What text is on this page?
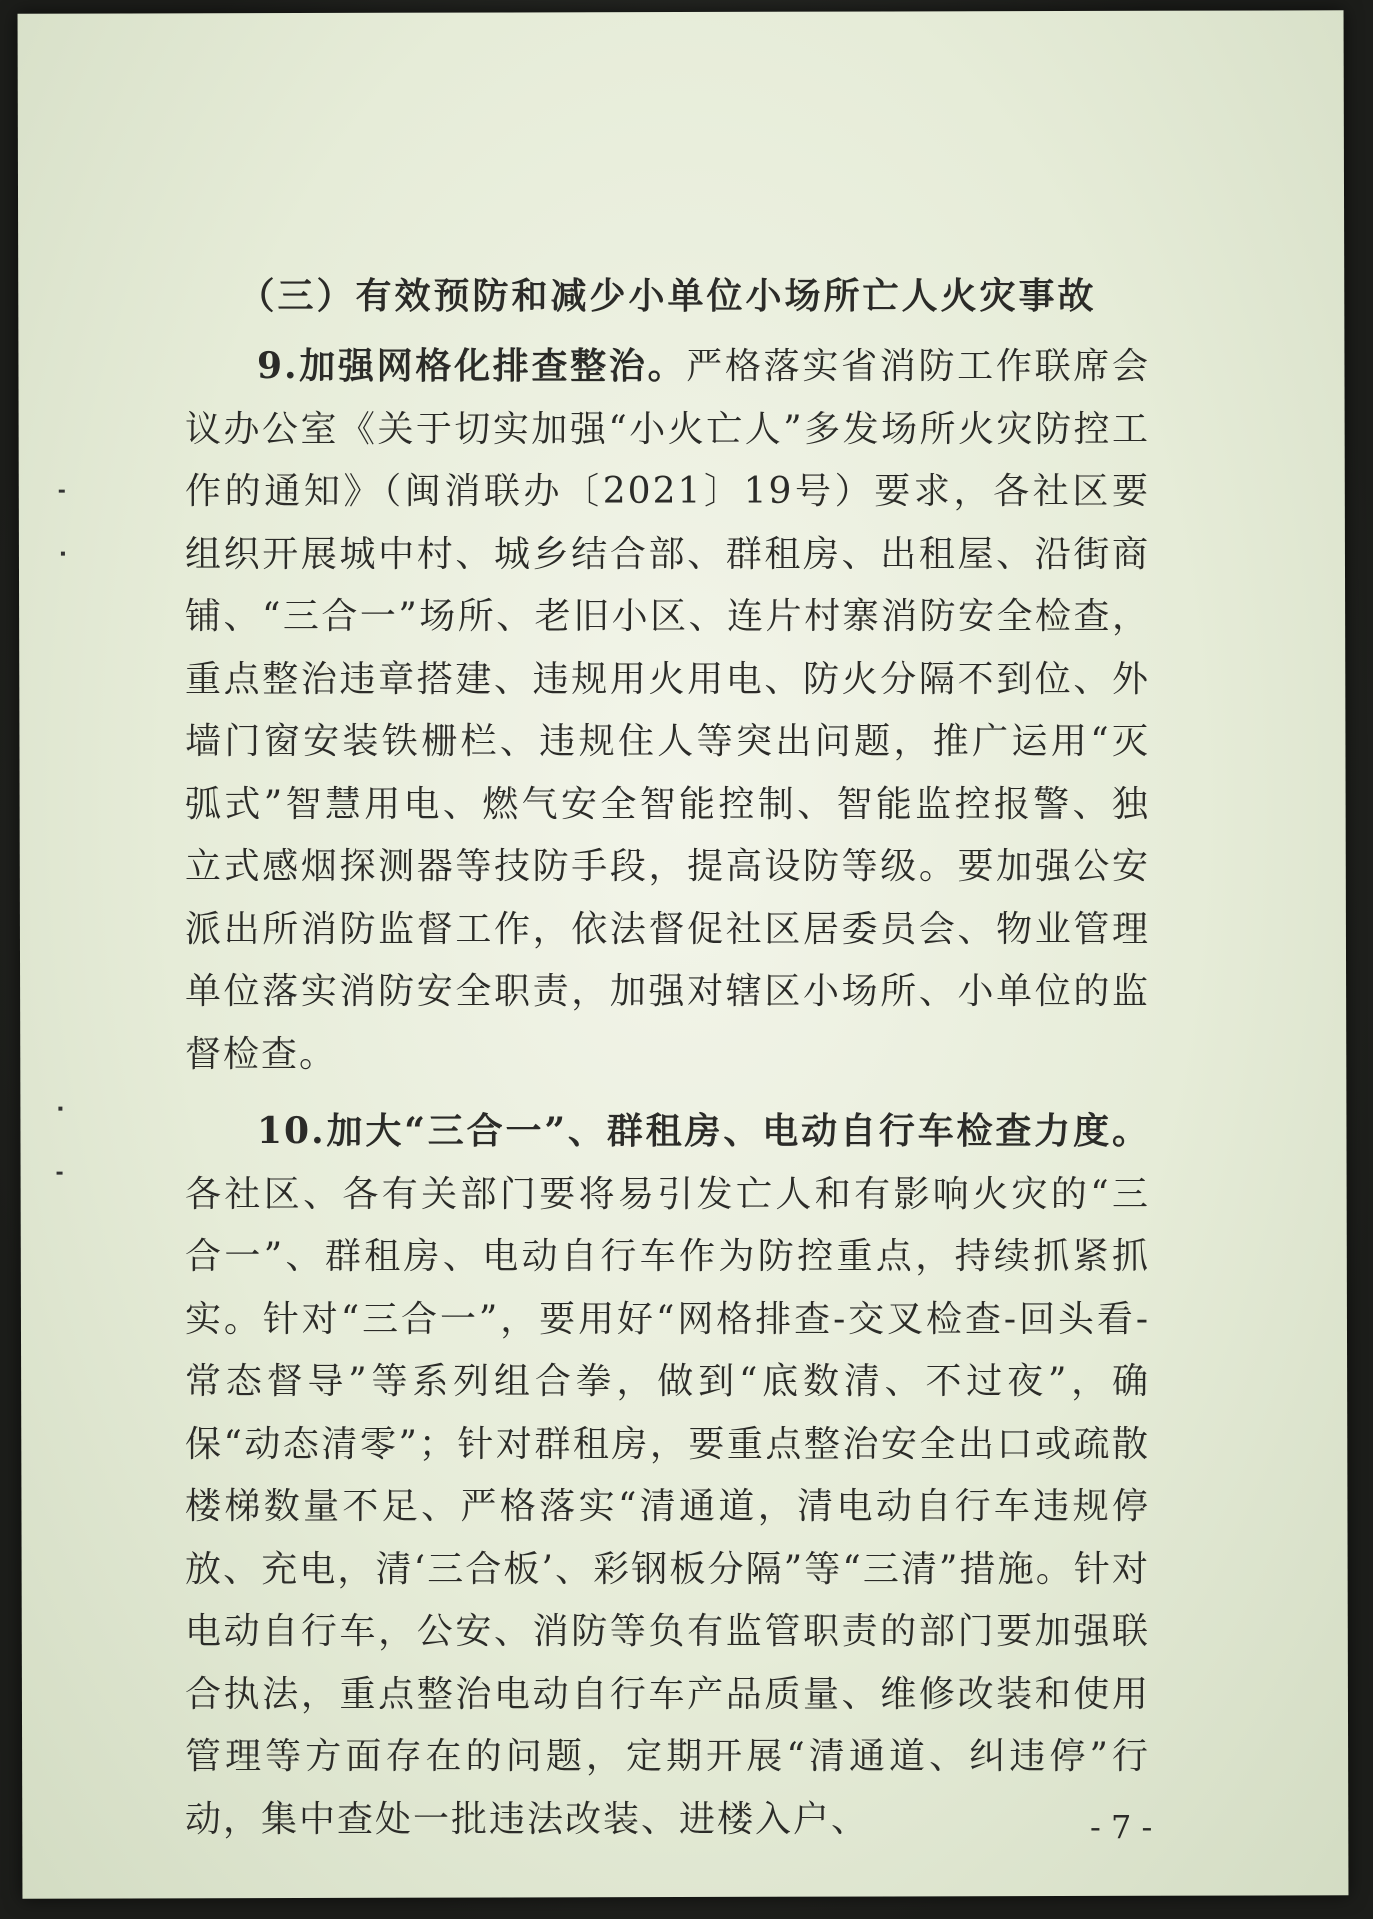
（三）有效预防和减少小单位小场所亡人火灾事故

9.加强网格化排查整治。严格落实省消防工作联席会议办公室《关于切实加强“小火亡人”多发场所火灾防控工作的通知》（闽消联办〔2021〕19号）要求，各社区要组织开展城中村、城乡结合部、群租房、出租屋、沿街商铺、“三合一”场所、老旧小区、连片村寨消防安全检查，重点整治违章搭建、违规用火用电、防火分隔不到位、外墙门窗安装铁栅栏、违规住人等突出问题，推广运用“灭弧式”智慧用电、燃气安全智能控制、智能监控报警、独立式感烟探测器等技防手段，提高设防等级。要加强公安派出所消防监督工作，依法督促社区居委员会、物业管理单位落实消防安全职责，加强对辖区小场所、小单位的监督检查。

10.加大“三合一”、群租房、电动自行车检查力度。各社区、各有关部门要将易引发亡人和有影响火灾的“三合一”、群租房、电动自行车作为防控重点，持续抓紧抓实。针对“三合一”，要用好“网格排查-交叉检查-回头看-常态督导”等系列组合拳，做到“底数清、不过夜”，确保“动态清零”；针对群租房，要重点整治安全出口或疏散楼梯数量不足、严格落实“清通道，清电动自行车违规停放、充电，清‘三合板’、彩钢板分隔”等“三清”措施。针对电动自行车，公安、消防等负有监管职责的部门要加强联合执法，重点整治电动自行车产品质量、维修改装和使用管理等方面存在的问题，定期开展“清通道、纠违停”行动，集中查处一批违法改装、进楼入户、	- 7 -
